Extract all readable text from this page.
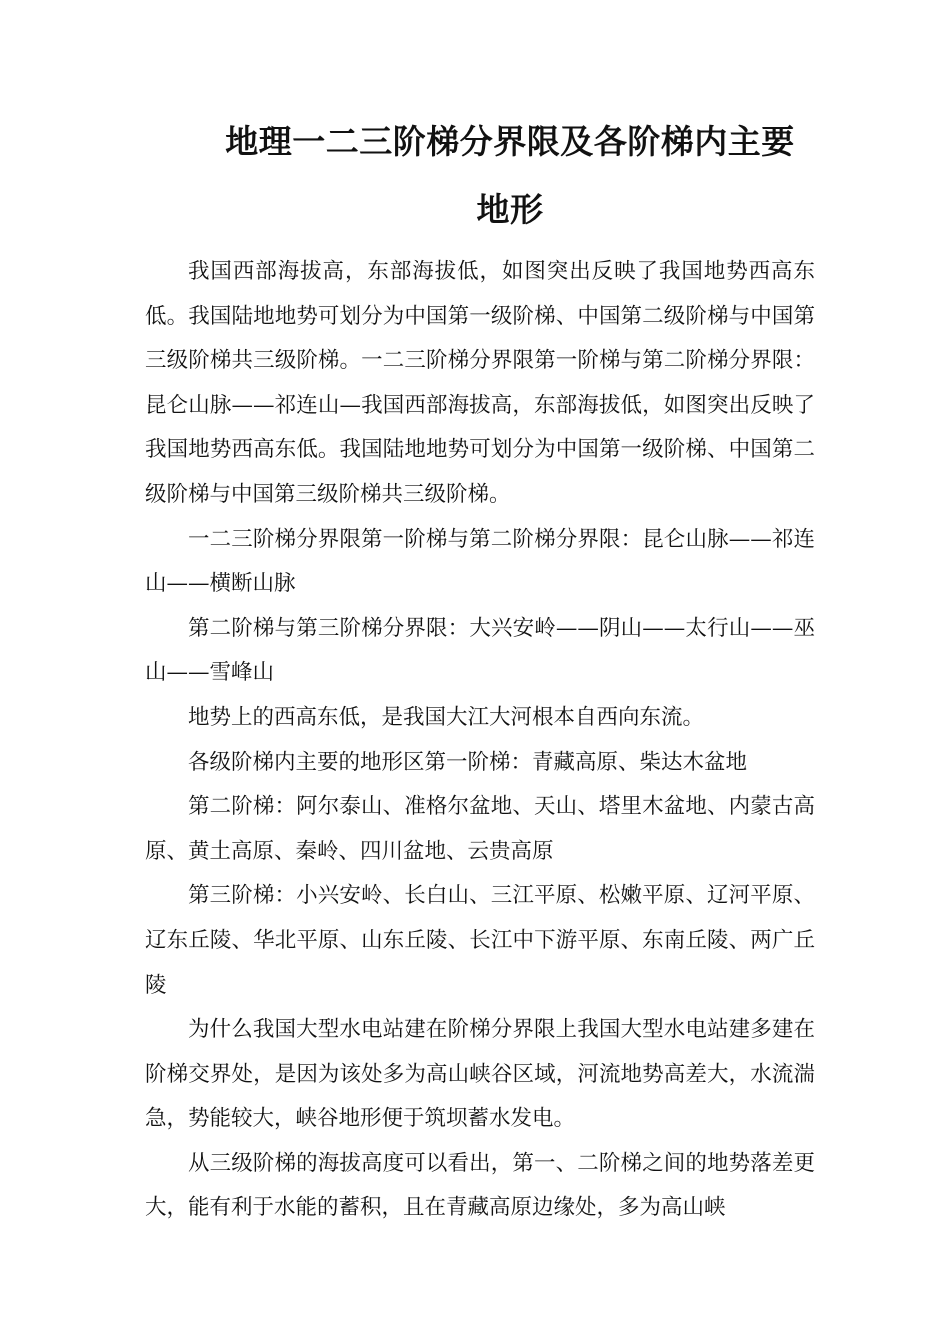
地理一二三阶梯分界限及各阶梯内主要
地形

我国西部海拔高，东部海拔低，如图突出反映了我国地势西高东低。我国陆地地势可划分为中国第一级阶梯、中国第二级阶梯与中国第三级阶梯共三级阶梯。一二三阶梯分界限第一阶梯与第二阶梯分界限：昆仑山脉——祁连山—我国西部海拔高，东部海拔低，如图突出反映了我国地势西高东低。我国陆地地势可划分为中国第一级阶梯、中国第二级阶梯与中国第三级阶梯共三级阶梯。

一二三阶梯分界限第一阶梯与第二阶梯分界限：昆仑山脉——祁连山——横断山脉

第二阶梯与第三阶梯分界限：大兴安岭——阴山——太行山——巫山——雪峰山

地势上的西高东低，是我国大江大河根本自西向东流。

各级阶梯内主要的地形区第一阶梯：青藏高原、柴达木盆地

第二阶梯：阿尔泰山、准格尔盆地、天山、塔里木盆地、内蒙古高原、黄土高原、秦岭、四川盆地、云贵高原

第三阶梯：小兴安岭、长白山、三江平原、松嫩平原、辽河平原、辽东丘陵、华北平原、山东丘陵、长江中下游平原、东南丘陵、两广丘陵

为什么我国大型水电站建在阶梯分界限上我国大型水电站建多建在阶梯交界处，是因为该处多为高山峡谷区域，河流地势高差大，水流湍急，势能较大，峡谷地形便于筑坝蓄水发电。

从三级阶梯的海拔高度可以看出，第一、二阶梯之间的地势落差更大，能有利于水能的蓄积，且在青藏高原边缘处，多为高山峡
